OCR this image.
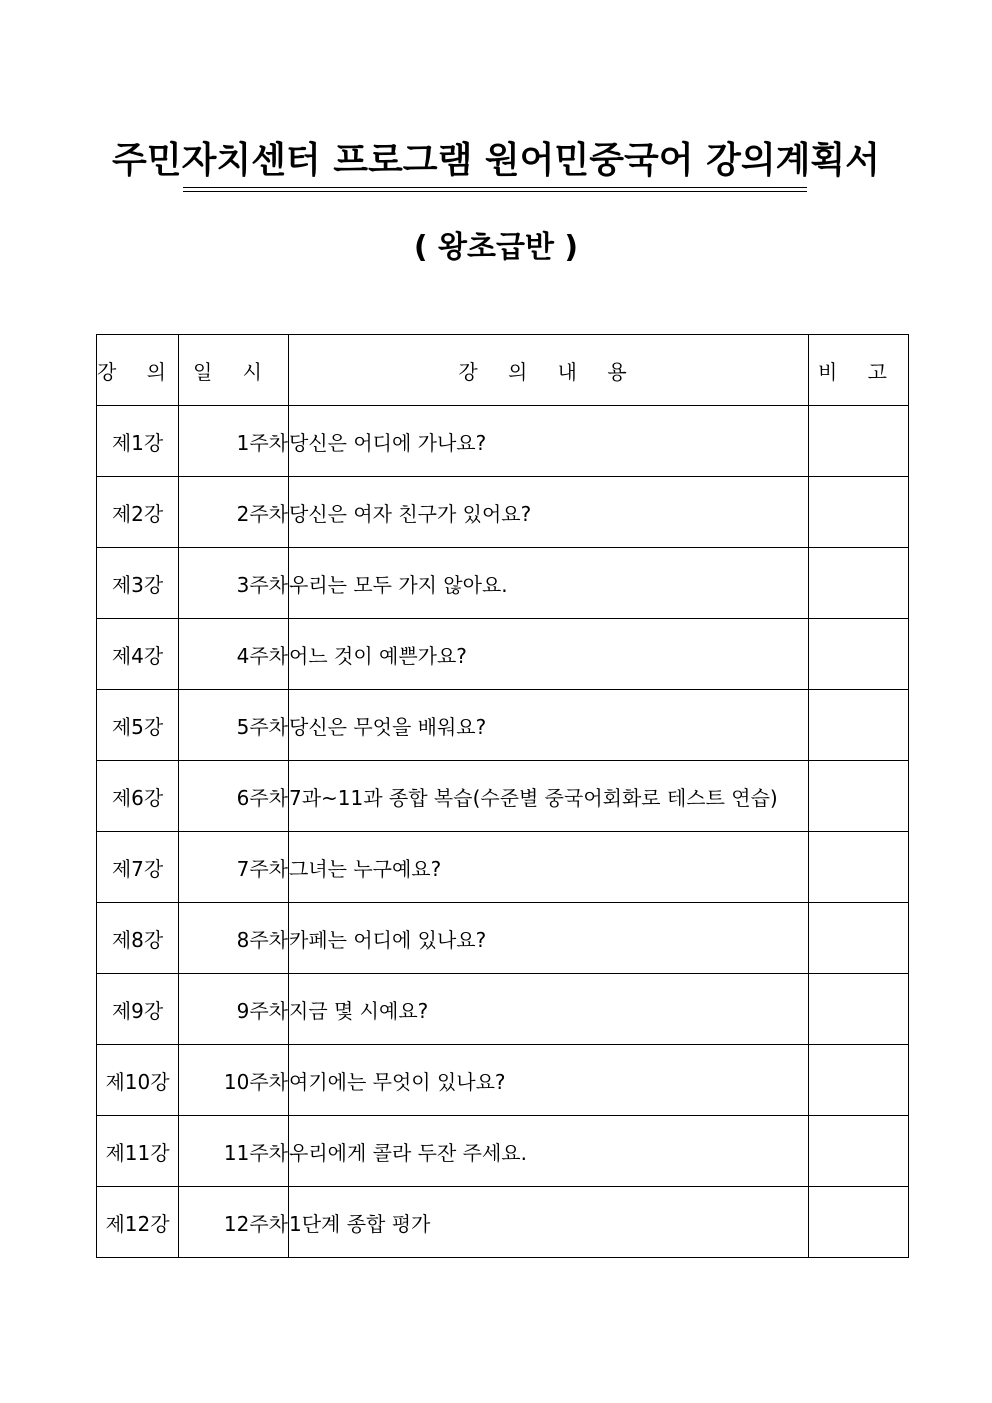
주민자치센터 프로그램 원어민중국어 강의계획서
( 왕초급반 )
강 의	일 시	강 의 내 용	비 고
제1강	1주차	당신은 어디에 가나요?	
제2강	2주차	당신은 여자 친구가 있어요?	
제3강	3주차	우리는 모두 가지 않아요.	
제4강	4주차	어느 것이 예쁜가요?	
제5강	5주차	당신은 무엇을 배워요?	
제6강	6주차	7과~11과 종합 복습(수준별 중국어회화로 테스트 연습)	
제7강	7주차	그녀는 누구예요?	
제8강	8주차	카페는 어디에 있나요?	
제9강	9주차	지금 몇 시예요?	
제10강	10주차	여기에는 무엇이 있나요?	
제11강	11주차	우리에게 콜라 두잔 주세요.	
제12강	12주차	1단계 종합 평가	
